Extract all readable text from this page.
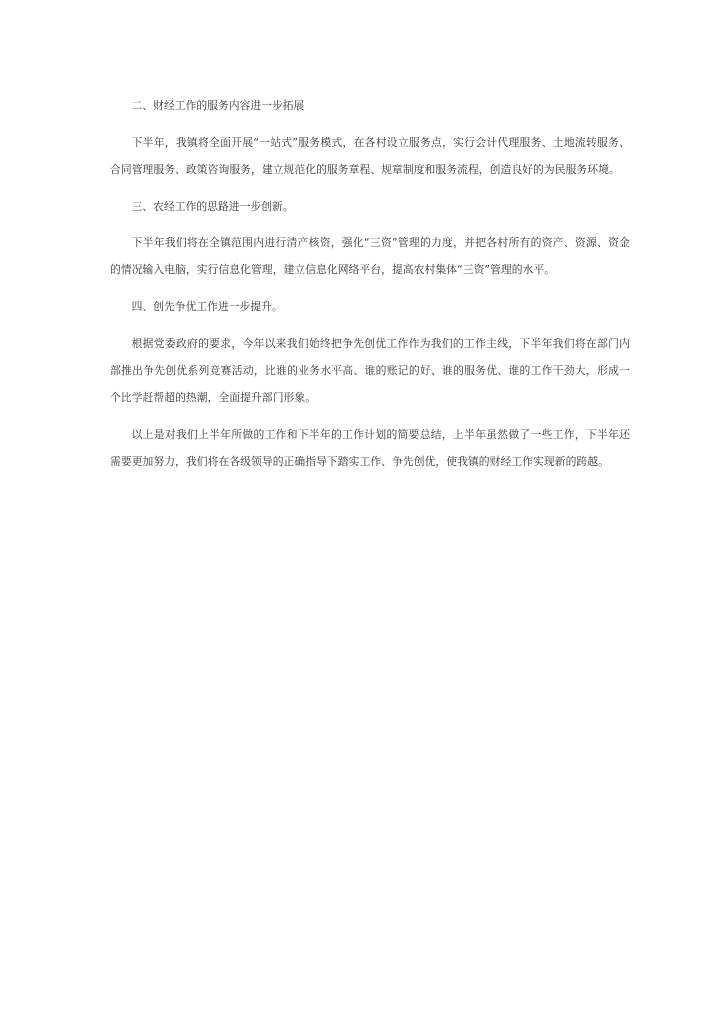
二、财经工作的服务内容进一步拓展

下半年，我镇将全面开展“一站式”服务模式，在各村设立服务点，实行会计代理服务、土地流转服务、合同管理服务、政策咨询服务，建立规范化的服务章程、规章制度和服务流程，创造良好的为民服务环境。

三、农经工作的思路进一步创新。

下半年我们将在全镇范围内进行清产核资，强化“三资”管理的力度，并把各村所有的资产、资源、资金的情况输入电脑，实行信息化管理，建立信息化网络平台，提高农村集体“三资”管理的水平。

四、创先争优工作进一步提升。

根据党委政府的要求，今年以来我们始终把争先创优工作作为我们的工作主线，下半年我们将在部门内部推出争先创优系列竞赛活动，比谁的业务水平高、谁的账记的好、谁的服务优、谁的工作干劲大，形成一个比学赶帮超的热潮，全面提升部门形象。

以上是对我们上半年所做的工作和下半年的工作计划的简要总结，上半年虽然做了一些工作，下半年还需要更加努力，我们将在各级领导的正确指导下踏实工作、争先创优，使我镇的财经工作实现新的跨越。
